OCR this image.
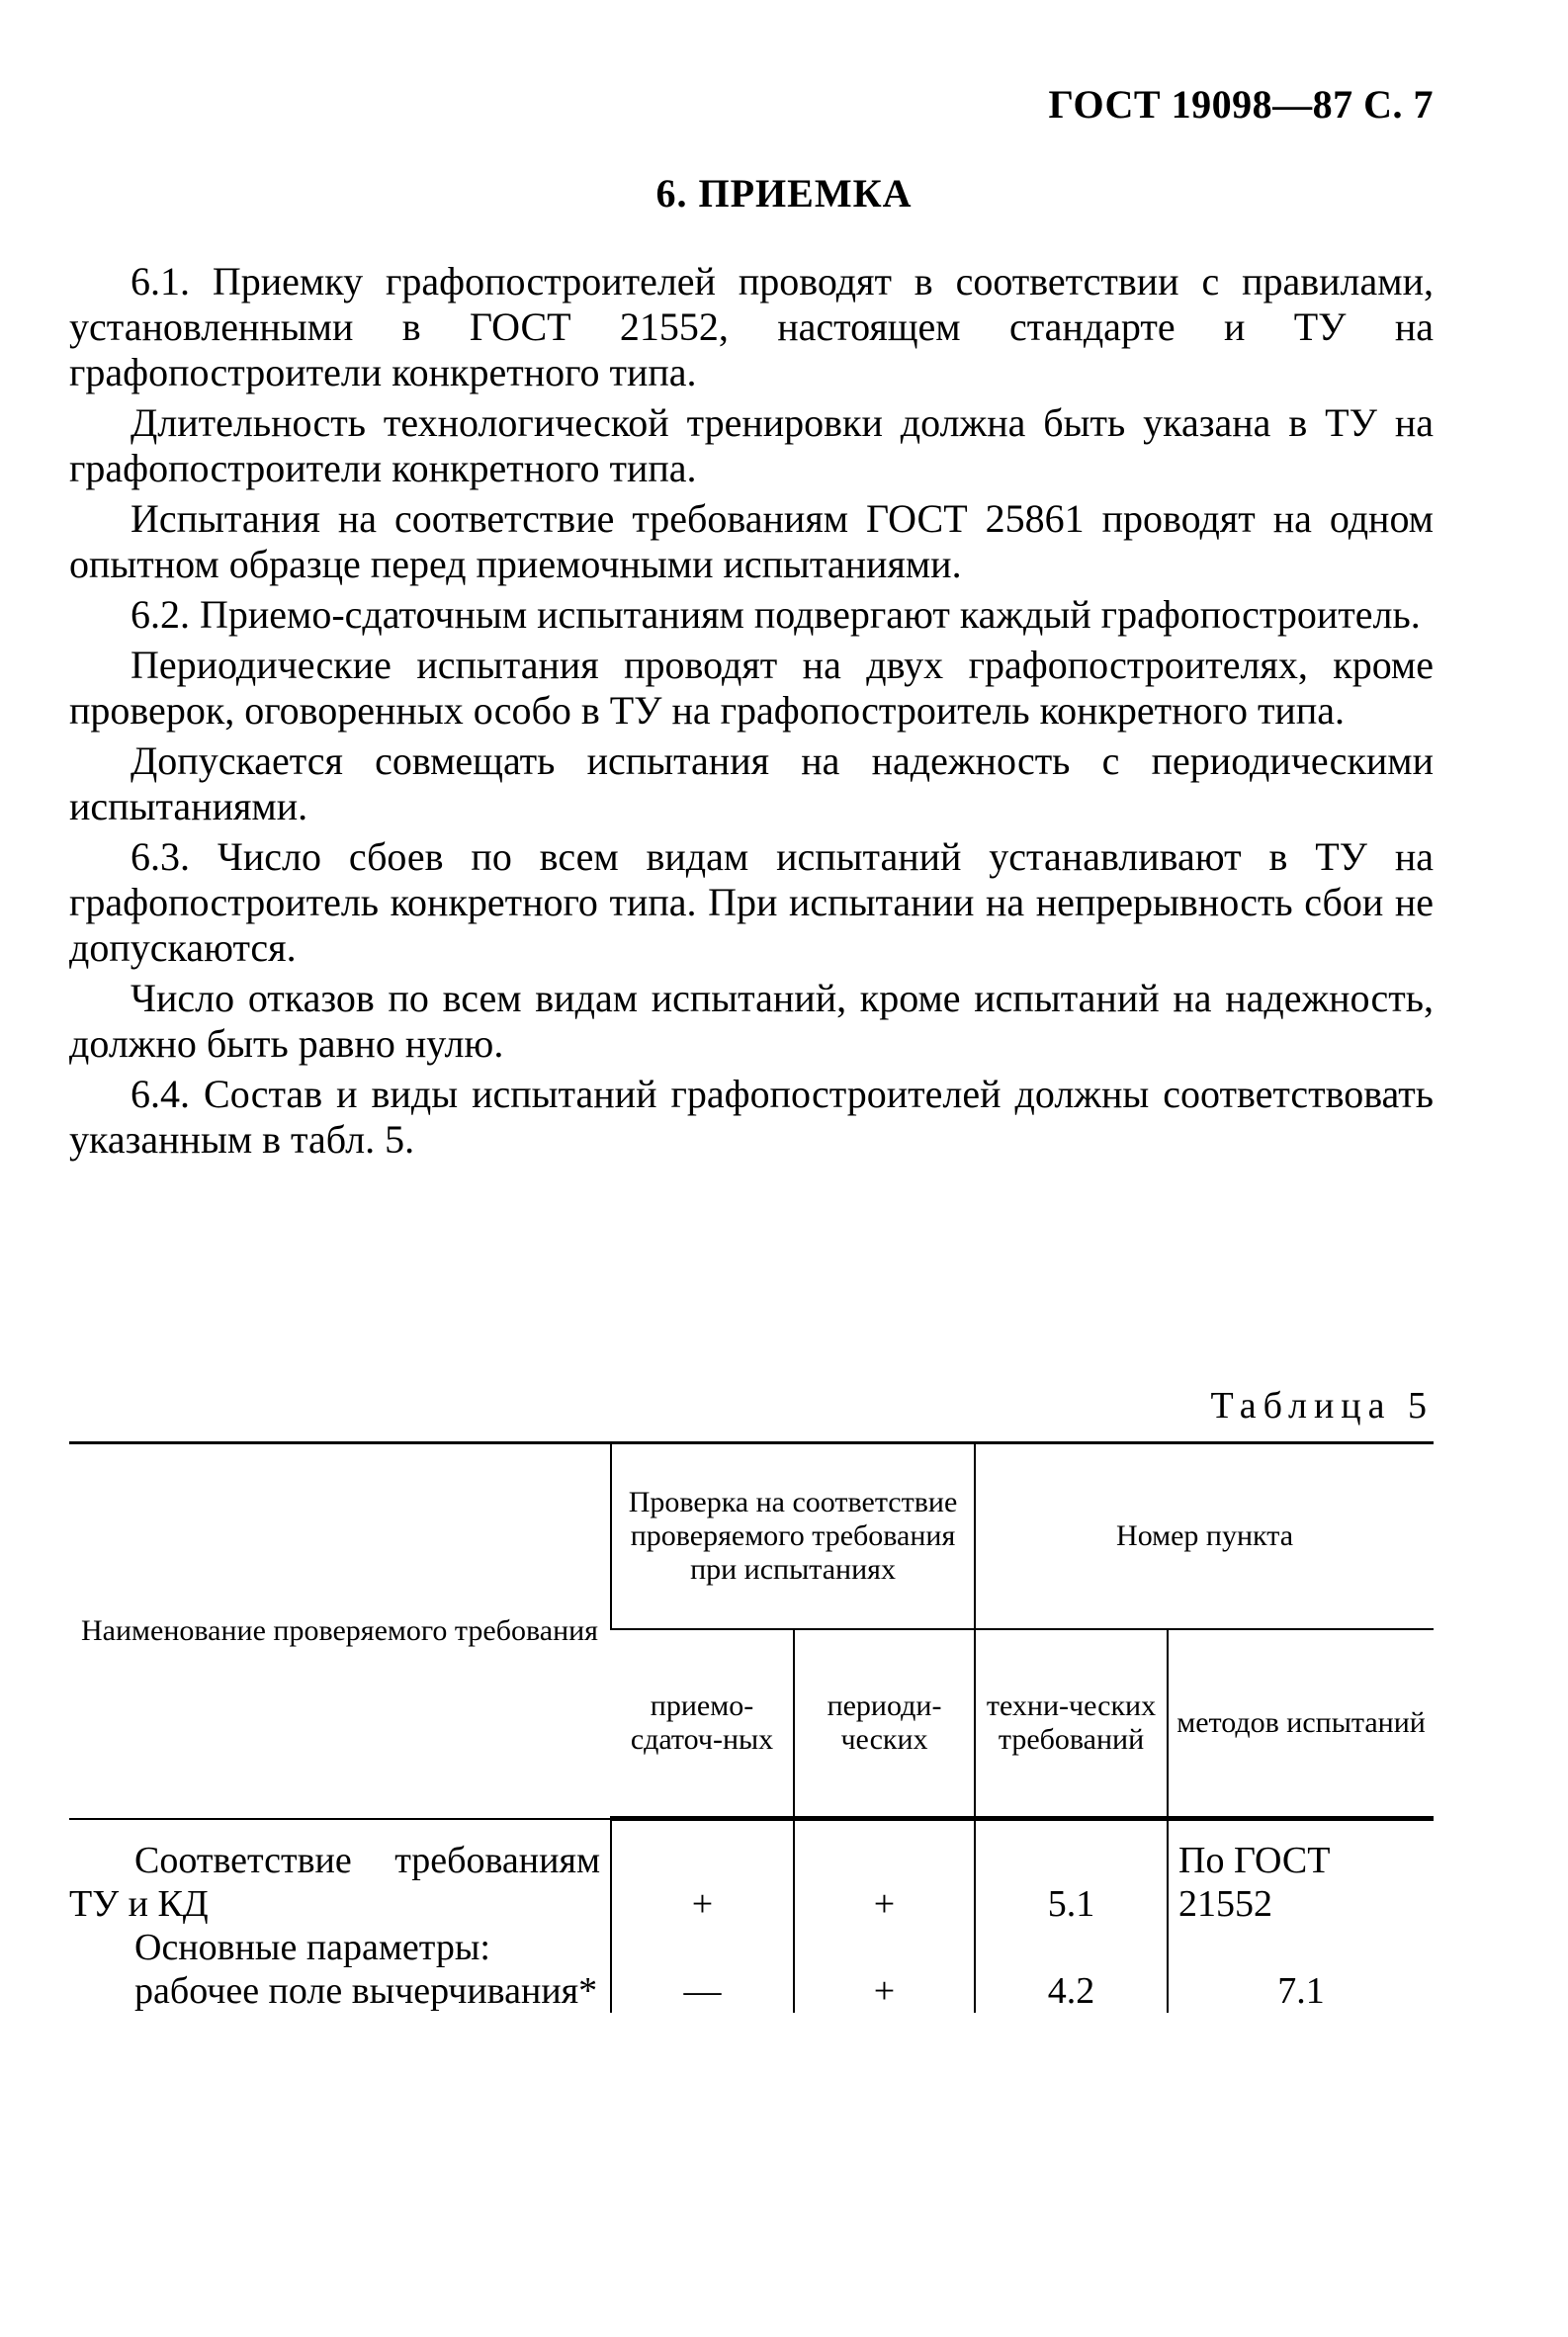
ГОСТ 19098—87 С. 7
6. ПРИЕМКА

6.1. Приемку графопостроителей проводят в соответствии с правилами, установленными в ГОСТ 21552, настоящем стандарте и ТУ на графопостроители конкретного типа.

Длительность технологической тренировки должна быть указана в ТУ на графопостроители конкретного типа.

Испытания на соответствие требованиям ГОСТ 25861 проводят на одном опытном образце перед приемочными испытаниями.

6.2. Приемо-сдаточным испытаниям подвергают каждый графопостроитель.

Периодические испытания проводят на двух графопостроителях, кроме проверок, оговоренных особо в ТУ на графопостроитель конкретного типа.

Допускается совмещать испытания на надежность с периодическими испытаниями.

6.3. Число сбоев по всем видам испытаний устанавливают в ТУ на графопостроитель конкретного типа. При испытании на непрерывность сбои не допускаются.

Число отказов по всем видам испытаний, кроме испытаний на надежность, должно быть равно нулю.

6.4. Состав и виды испытаний графопостроителей должны соответствовать указанным в табл. 5.

Таблица 5
Наименование проверяемого требования	Проверка на соответствие проверяемого требования при испытаниях		Номер пункта	
	приемо-сдаточ-ных	периоди-ческих	техни-ческих требований	методов испытаний

Соответствие требованиям ТУ и КД	+	+	5.1	По ГОСТ 21552

Основные параметры:				

рабочее поле вычерчивания*	—	+	4.2	7.1
